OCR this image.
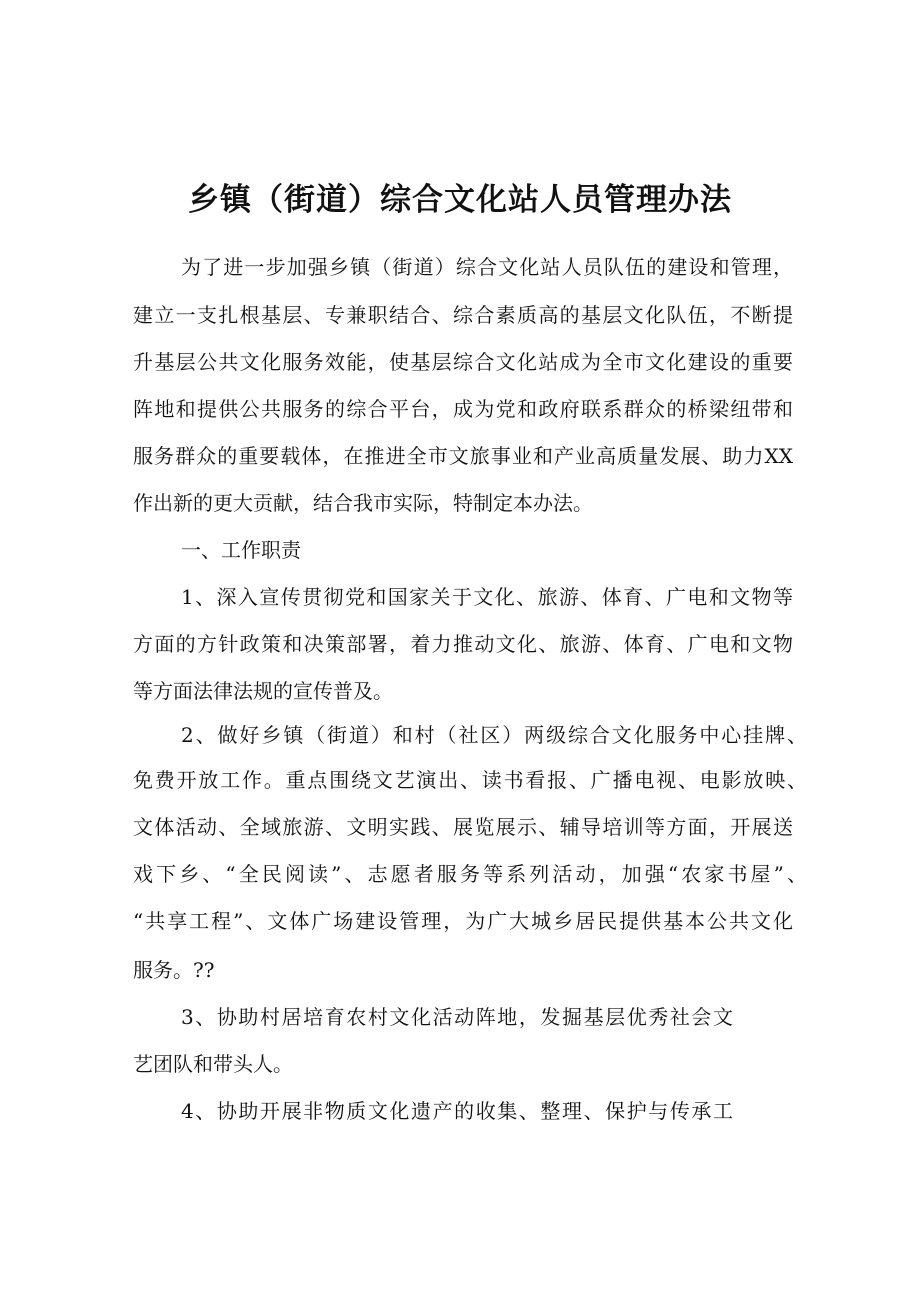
乡镇（街道）综合文化站人员管理办法
为了进一步加强乡镇（街道）综合文化站人员队伍的建设和管理，
建立一支扎根基层、专兼职结合、综合素质高的基层文化队伍，不断提
升基层公共文化服务效能，使基层综合文化站成为全市文化建设的重要
阵地和提供公共服务的综合平台，成为党和政府联系群众的桥梁纽带和
服务群众的重要载体，在推进全市文旅事业和产业高质量发展、助力XX
作出新的更大贡献，结合我市实际，特制定本办法。
一、工作职责
1、深入宣传贯彻党和国家关于文化、旅游、体育、广电和文物等
方面的方针政策和决策部署，着力推动文化、旅游、体育、广电和文物
等方面法律法规的宣传普及。
2、做好乡镇（街道）和村（社区）两级综合文化服务中心挂牌、
免费开放工作。重点围绕文艺演出、读书看报、广播电视、电影放映、
文体活动、全域旅游、文明实践、展览展示、辅导培训等方面，开展送
戏下乡、“全民阅读”、志愿者服务等系列活动，加强“农家书屋”、
“共享工程”、文体广场建设管理，为广大城乡居民提供基本公共文化
服务。??
3、协助村居培育农村文化活动阵地，发掘基层优秀社会文
艺团队和带头人。
4、协助开展非物质文化遗产的收集、整理、保护与传承工
